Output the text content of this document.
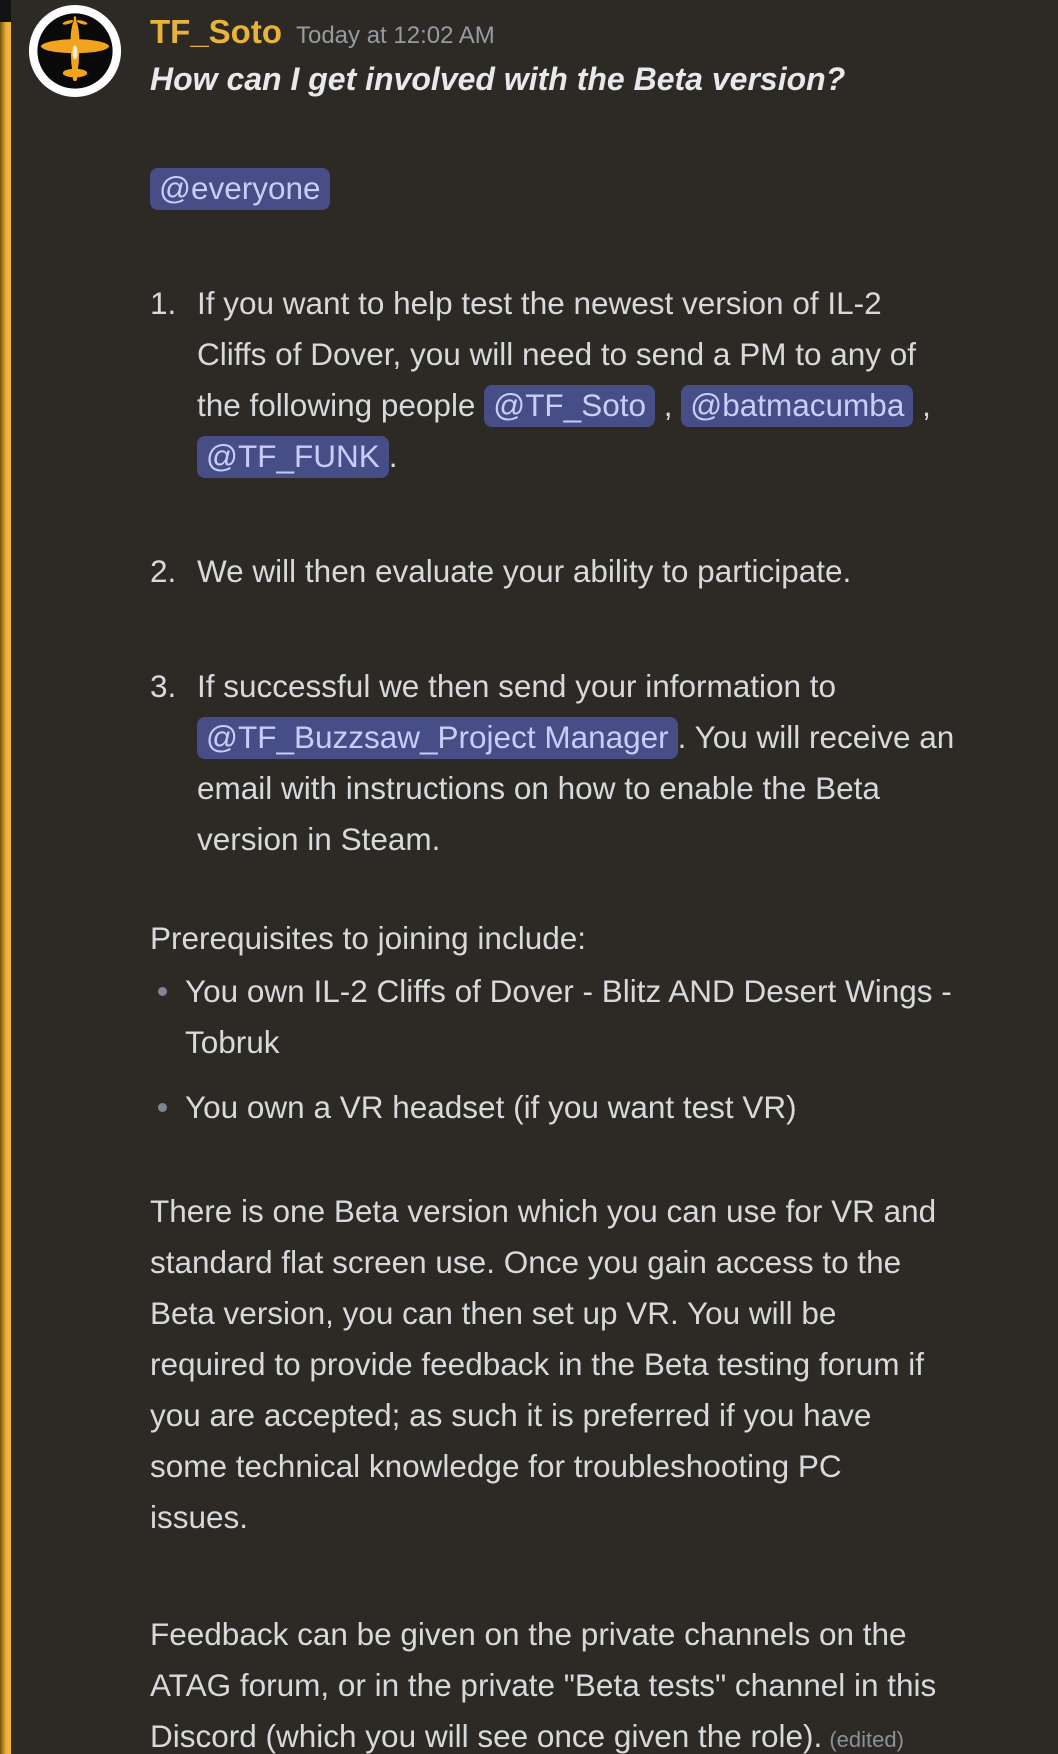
TF_Soto Today at 12:02 AM
How can I get involved with the Beta version?
@everyone
1. If you want to help test the newest version of IL-2
Cliffs of Dover, you will need to send a PM to any of
the following people @TF_Soto , @batmacumba ,
@TF_FUNK .
2. We will then evaluate your ability to participate.
3. If successful we then send your information to
@TF_Buzzsaw_Project Manager . You will receive an
email with instructions on how to enable the Beta
version in Steam.
Prerequisites to joining include:
You own IL-2 Cliffs of Dover - Blitz AND Desert Wings -
Tobruk
You own a VR headset (if you want test VR)
There is one Beta version which you can use for VR and
standard flat screen use. Once you gain access to the
Beta version, you can then set up VR. You will be
required to provide feedback in the Beta testing forum if
you are accepted; as such it is preferred if you have
some technical knowledge for troubleshooting PC
issues.
Feedback can be given on the private channels on the
ATAG forum, or in the private "Beta tests" channel in this
Discord (which you will see once given the role). (edited)
